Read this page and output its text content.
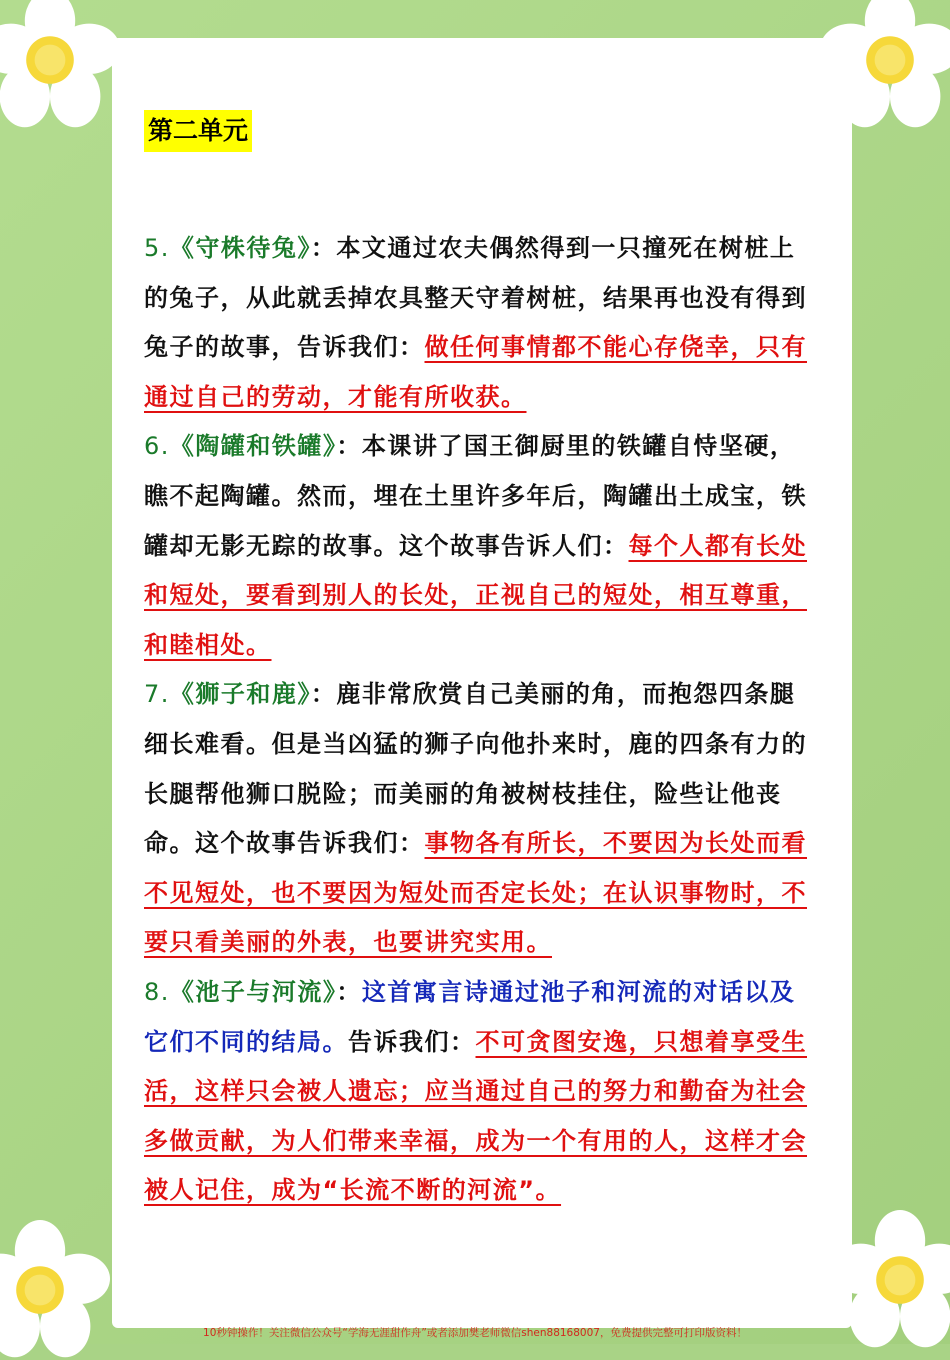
第二单元

5.《守株待兔》：本文通过农夫偶然得到一只撞死在树桩上的兔子，从此就丢掉农具整天守着树桩，结果再也没有得到兔子的故事，告诉我们：做任何事情都不能心存侥幸，只有通过自己的劳动，才能有所收获。

6.《陶罐和铁罐》：本课讲了国王御厨里的铁罐自恃坚硬，瞧不起陶罐。然而，埋在土里许多年后，陶罐出土成宝，铁罐却无影无踪的故事。这个故事告诉人们：每个人都有长处和短处，要看到别人的长处，正视自己的短处，相互尊重，和睦相处。

7.《狮子和鹿》：鹿非常欣赏自己美丽的角，而抱怨四条腿细长难看。但是当凶猛的狮子向他扑来时，鹿的四条有力的长腿帮他狮口脱险；而美丽的角被树枝挂住，险些让他丧命。这个故事告诉我们：事物各有所长，不要因为长处而看不见短处，也不要因为短处而否定长处；在认识事物时，不要只看美丽的外表，也要讲究实用。

8.《池子与河流》：这首寓言诗通过池子和河流的对话以及它们不同的结局。告诉我们：不可贪图安逸，只想着享受生活，这样只会被人遗忘；应当通过自己的努力和勤奋为社会多做贡献，为人们带来幸福，成为一个有用的人，这样才会被人记住，成为“长流不断的河流”。

10秒钟操作！关注微信公众号“学海无涯甜作舟”或者添加樊老师微信shen88168007，免费提供完整可打印版资料！
